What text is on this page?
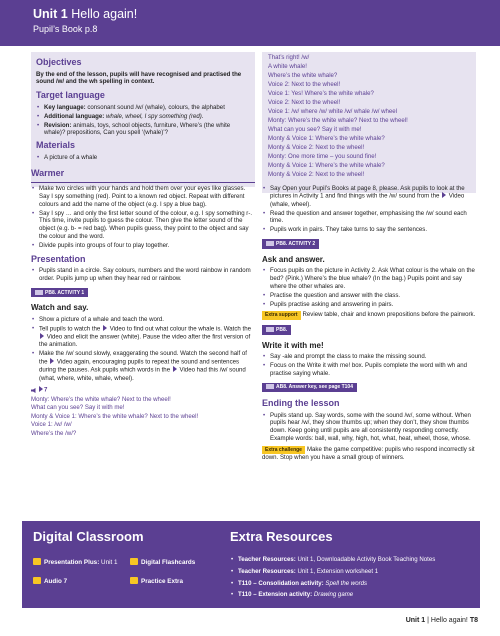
Unit 1 Hello again!
Pupil’s Book p.8
Objectives

By the end of the lesson, pupils will have recognised and practised the sound /w/ and the wh spelling in context.

Target language
• Key language: consonant sound /w/ (whale), colours, the alphabet
• Additional language: whale, wheel, I spy something (red).
• Revision: animals, toys, school objects, furniture, Where’s (the white whale)? prepositions, Can you spell ‘(whale)’?
Materials
• A picture of a whale
Warmer
• Make two circles with your hands and hold them over your eyes like glasses. Say I spy something (red). Point to a known red object. Repeat with different colours and add the name of the object (e.g. I spy a blue bag).
• Say I spy … and only the first letter sound of the colour, e.g. I spy something r-. This time, invite pupils to guess the colour. Then give the letter sound of the object (e.g. b- = red bag). When pupils guess, they point to the object and say the colour and the word.
• Divide pupils into groups of four to play together.
Presentation
• Pupils stand in a circle. Say colours, numbers and the word rainbow in random order. Pupils jump up when they hear red or rainbow.
PB8. ACTIVITY 1
Watch and say.
• Show a picture of a whale and teach the word.
• Tell pupils to watch the Video to find out what colour the whale is. Watch the  Video and elicit the answer (white). Pause the video after the first version of the animation.
• Make the /w/ sound slowly, exaggerating the sound. Watch the second half of the Video again, encouraging pupils to repeat the sound and sentences during the pauses. Ask pupils which words in the Video had this /w/ sound (what, where, white, whale, wheel).
7
Monty: Where’s the white whale? Next to the wheel!
What can you see? Say it with me!
Monty & Voice 1: Where’s the white whale? Next to the wheel!
Voice 1: /w/ /w/
Where’s the /w/?
That’s right! /w/
A white whale!
Where’s the white whale?
Voice 2: Next to the wheel!
Voice 1: Yes! Where’s the white whale?
Voice 2: Next to the wheel!
Voice 1: /w/ where /w/ white /w/ whale /w/ wheel
Monty: Where’s the white whale? Next to the wheel!
What can you see? Say it with me!
Monty & Voice 1: Where’s the white whale?
Monty & Voice 2: Next to the wheel!
Monty: One more time – you sound fine!
Monty & Voice 1: Where’s the white whale?
Monty & Voice 2: Next to the wheel!
• Say Open your Pupil’s Books at page 8, please. Ask pupils to look at the pictures in Activity 1 and find things with the /w/ sound from the Video (whale, wheel).
• Read the question and answer together, emphasising the /w/ sound each time.
• Pupils work in pairs. They take turns to say the sentences.
PB8. ACTIVITY 2
Ask and answer.
• Focus pupils on the picture in Activity 2. Ask What colour is the whale on the bed? (Pink.) Where’s the blue whale? (In the bag.) Pupils point and say where the other whales are.
• Practise the question and answer with the class.
• Pupils practise asking and answering in pairs.

Extra support Review table, chair and known prepositions before the pairwork.

PB8.
Write it with me!
• Say -ale and prompt the class to make the missing sound.
• Focus on the Write it with me! box. Pupils complete the word with wh and practise saying whale.
AB8. Answer key, see page T104
Ending the lesson
• Pupils stand up. Say words, some with the sound /w/, some without. When pupils hear /w/, they show thumbs up; when they don’t, they show thumbs down. Keep going until pupils are all consistently responding correctly. Example words: ball, wall, why, high, hot, what, heat, wheel, those, whose.

Extra challenge Make the game competitive: pupils who respond incorrectly sit down. Stop when you have a small group of winners.

Digital Classroom
Presentation Plus: Unit 1	Digital Flashcards
Audio 7	Practice Extra
Extra Resources
• Teacher Resources: Unit 1, Downloadable Activity Book Teaching Notes
• Teacher Resources: Unit 1, Extension worksheet 1
• T110 – Consolidation activity: Spell the words
• T110 – Extension activity: Drawing game
Unit 1 | Hello again! T8
